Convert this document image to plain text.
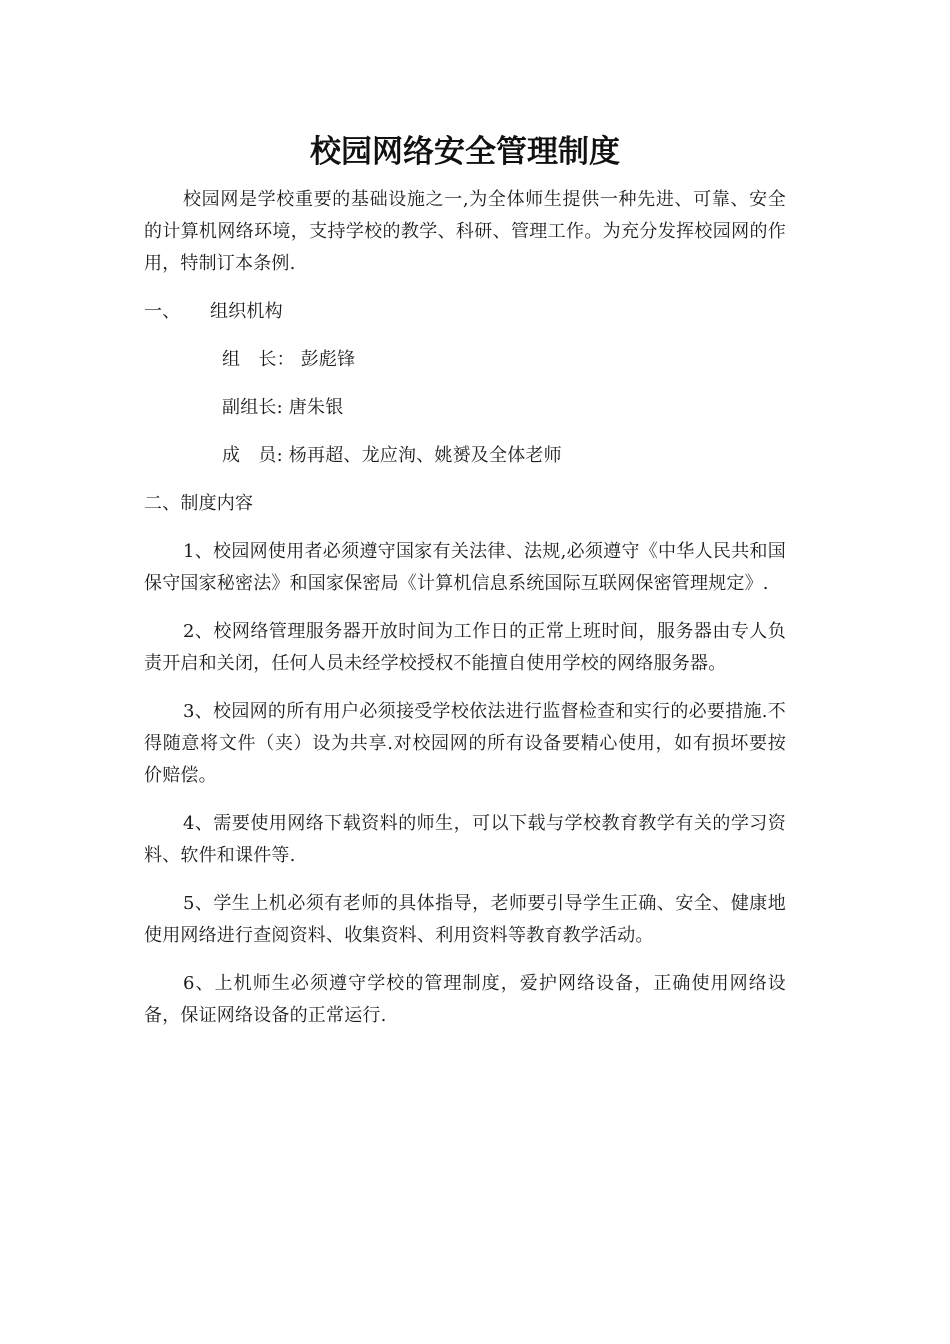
校园网络安全管理制度

校园网是学校重要的基础设施之一,为全体师生提供一种先进、可靠、安全的计算机网络环境，支持学校的教学、科研、管理工作。为充分发挥校园网的作用，特制订本条例.

一、 组织机构

组　长： 彭彪锋

副组长: 唐朱银

成　员: 杨再超、龙应洵、姚赟及全体老师

二、制度内容

1、校园网使用者必须遵守国家有关法律、法规,必须遵守《中华人民共和国保守国家秘密法》和国家保密局《计算机信息系统国际互联网保密管理规定》.

2、校网络管理服务器开放时间为工作日的正常上班时间，服务器由专人负责开启和关闭，任何人员未经学校授权不能擅自使用学校的网络服务器。

3、校园网的所有用户必须接受学校依法进行监督检查和实行的必要措施.不得随意将文件（夹）设为共享.对校园网的所有设备要精心使用，如有损坏要按价赔偿。

4、需要使用网络下载资料的师生，可以下载与学校教育教学有关的学习资料、软件和课件等.

5、学生上机必须有老师的具体指导，老师要引导学生正确、安全、健康地使用网络进行查阅资料、收集资料、利用资料等教育教学活动。

6、上机师生必须遵守学校的管理制度，爱护网络设备，正确使用网络设备，保证网络设备的正常运行.
